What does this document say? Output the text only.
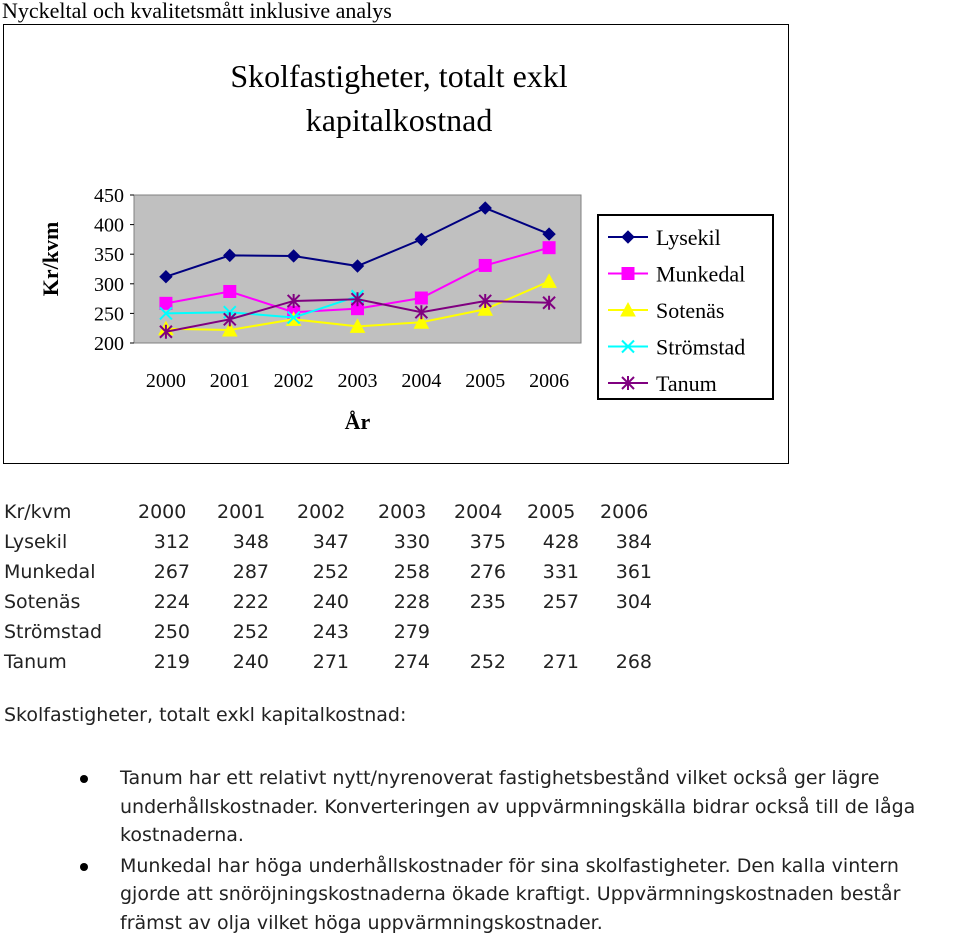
Nyckeltal och kvalitetsmått inklusive analys
Skolfastigheter, totalt exkl
kapitalkostnad
200
250
300
350
400
450
2000 2001 2002 2003 2004 2005 2006
År
Kr/kvm	Lysekil
Munkedal
Sotenäs
Strömstad
Tanum
Kr/kvm	2000 2001 2002 2003 2004 2005 2006
Lysekil	312	348	347	330	375	428	384
Munkedal	267	287	252	258	276	331	361
Sotenäs	224	222	240	228	235	257	304
Strömstad	250	252	243	279
Tanum	219	240	271	274	252	271	268
Skolfastigheter, totalt exkl kapitalkostnad:
Tanum har ett relativt nytt/nyrenoverat fastighetsbestånd vilket också ger lägre underhållskostnader. Konverteringen av uppvärmningskälla bidrar också till de låga kostnaderna.
Munkedal har höga underhållskostnader för sina skolfastigheter. Den kalla vintern gjorde att snöröjningskostnaderna ökade kraftigt. Uppvärmningskostnaden består främst av olja vilket höga uppvärmningskostnader.
